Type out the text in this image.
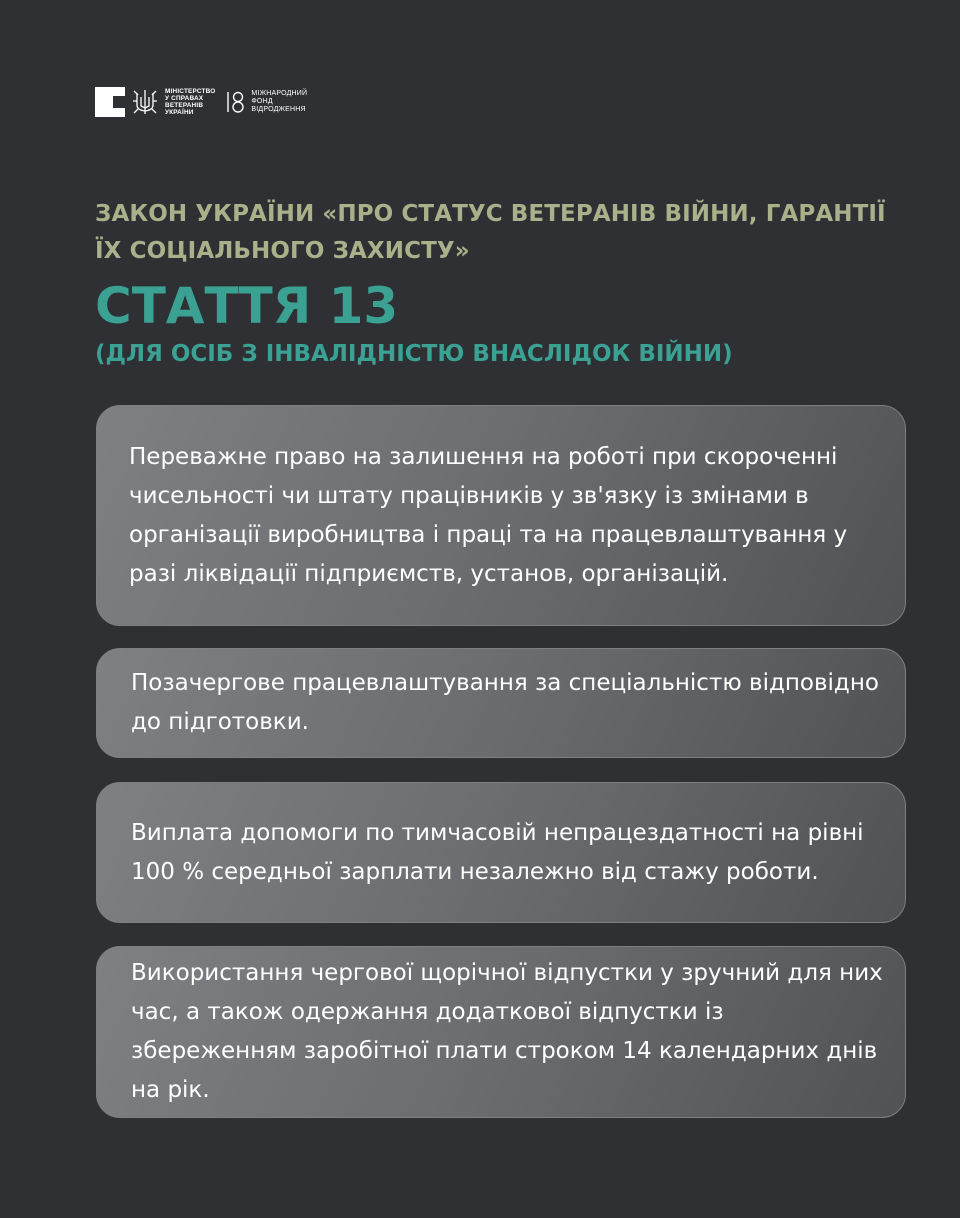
МІНІСТЕРСТВО
У СПРАВАХ
ВЕТЕРАНІВ
УКРАЇНИ
МІЖНАРОДНИЙ
ФОНД
ВІДРОДЖЕННЯ
ЗАКОН УКРАЇНИ «ПРО СТАТУС ВЕТЕРАНІВ ВІЙНИ, ГАРАНТІЇ ЇХ СОЦІАЛЬНОГО ЗАХИСТУ»
СТАТТЯ 13
(ДЛЯ ОСІБ З ІНВАЛІДНІСТЮ ВНАСЛІДОК ВІЙНИ)

Переважне право на залишення на роботі при скороченні чисельності чи штату працівників у зв'язку із змінами в організації виробництва і праці та на працевлаштування у разі ліквідації підприємств, установ, організацій.

Позачергове працевлаштування за спеціальністю відповідно до підготовки.

Виплата допомоги по тимчасовій непрацездатності на рівні 100 % середньої зарплати незалежно від стажу роботи.

Використання чергової щорічної відпустки у зручний для них час, а також одержання додаткової відпустки із збереженням заробітної плати строком 14 календарних днів на рік.
